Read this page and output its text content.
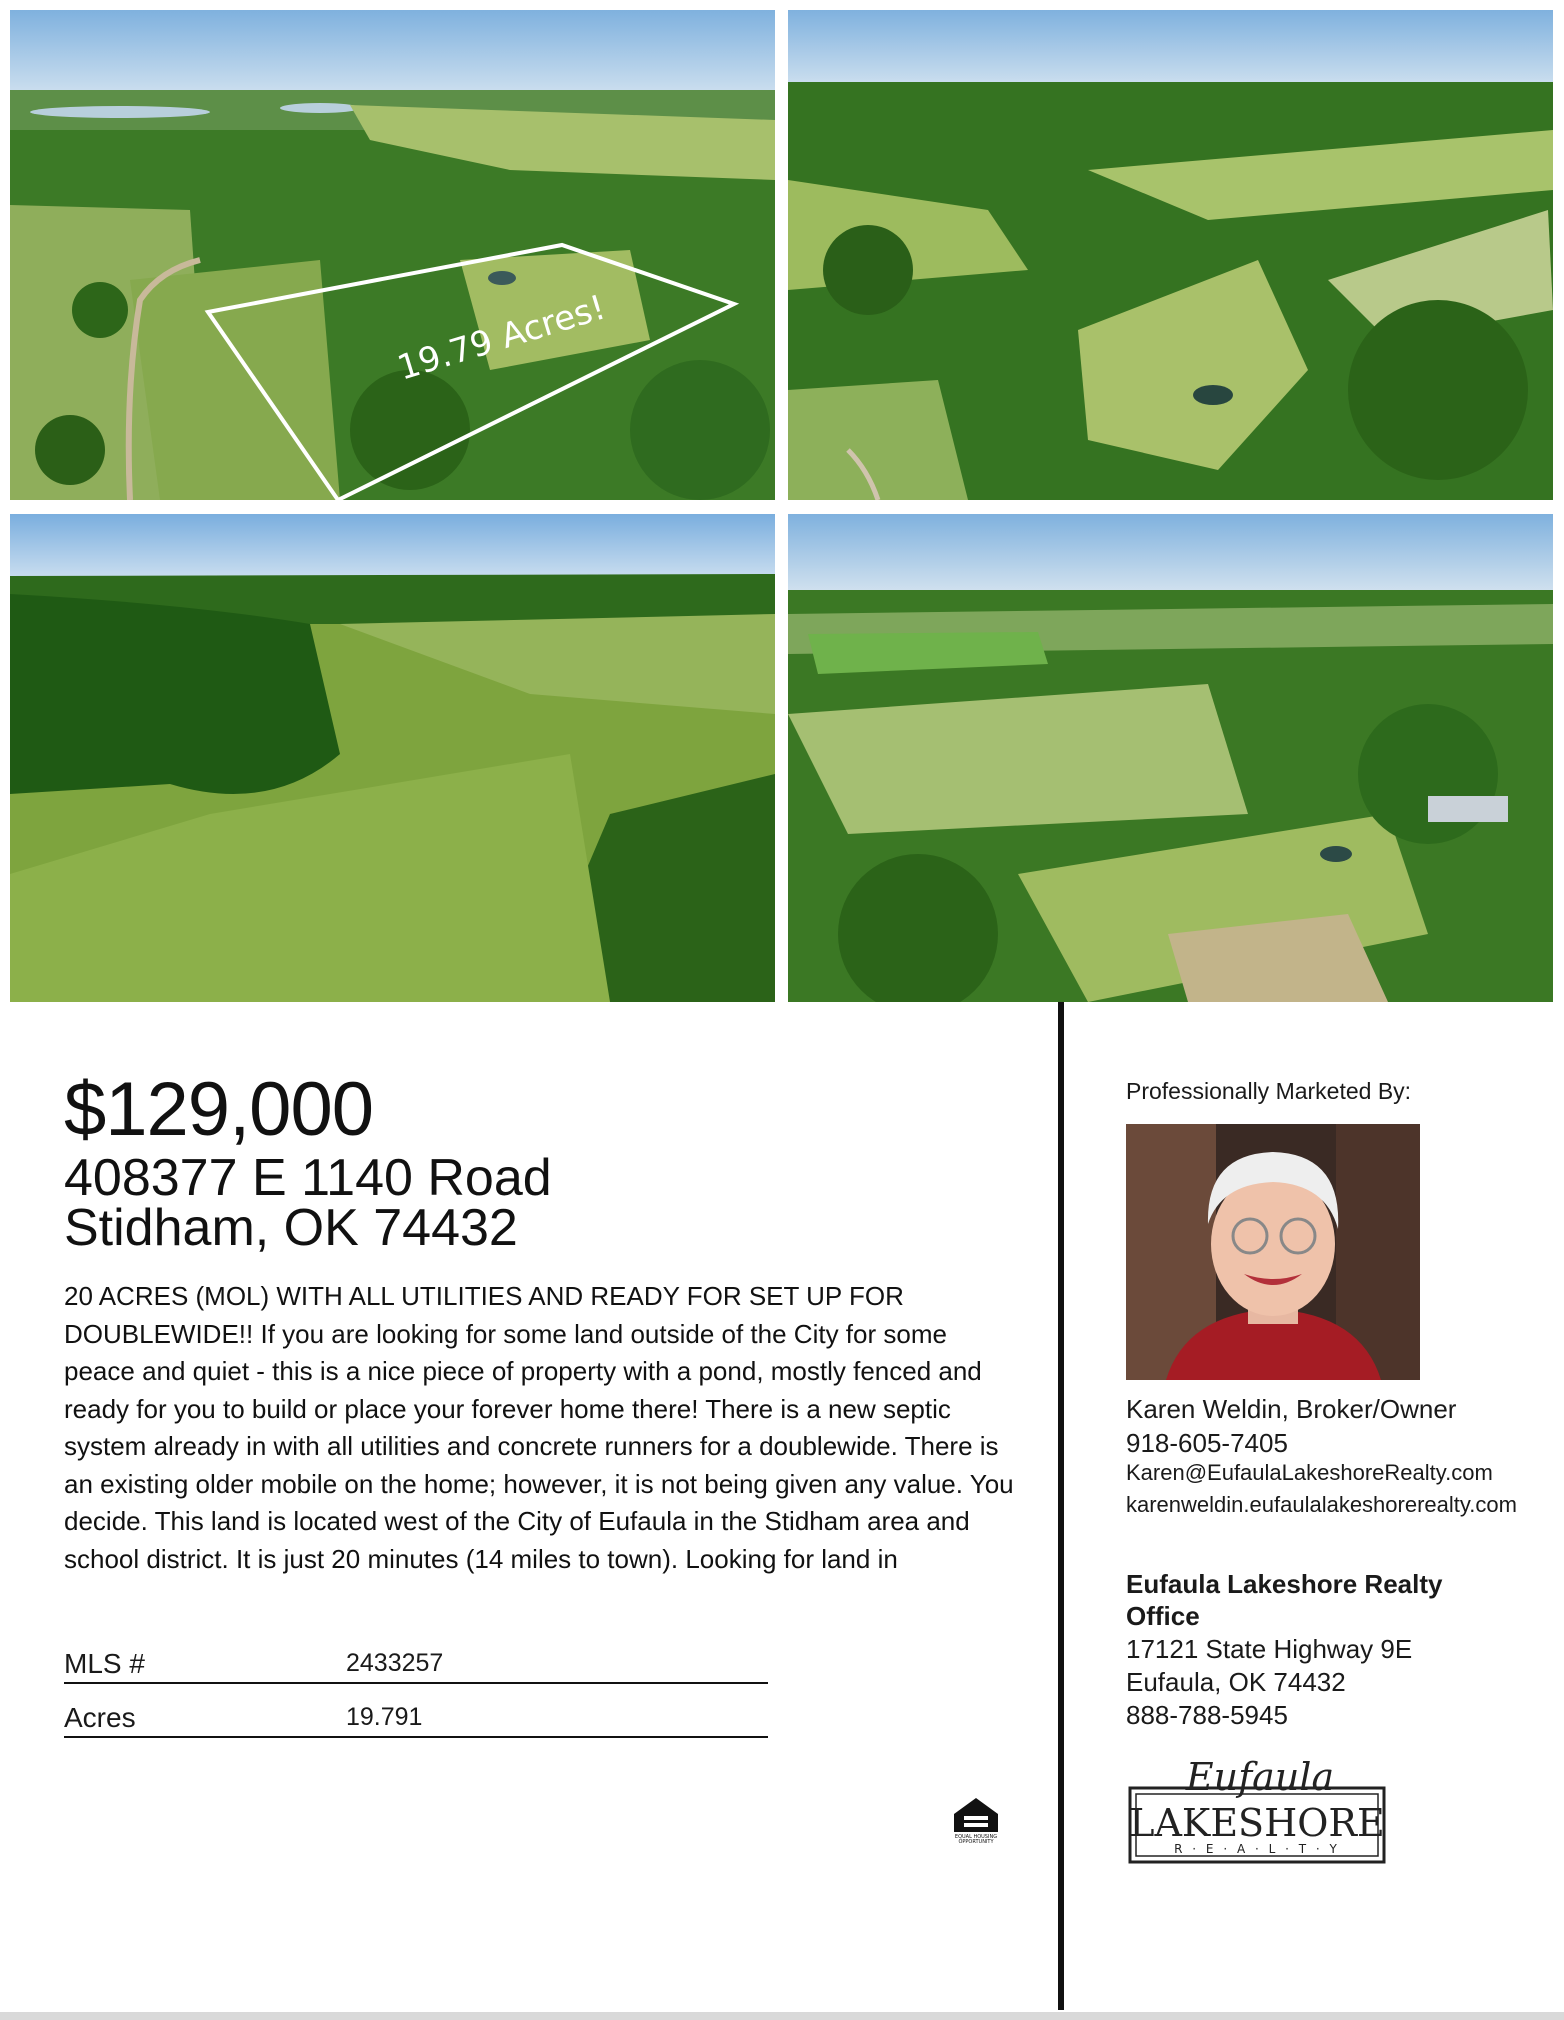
19.79 Acres!
$129,000
408377 E 1140 Road
Stidham, OK 74432
20 ACRES (MOL) WITH ALL UTILITIES AND READY FOR SET UP FOR DOUBLEWIDE!! If you are looking for some land outside of the City for some peace and quiet - this is a nice piece of property with a pond, mostly fenced and ready for you to build or place your forever home there! There is a new septic system already in with all utilities and concrete runners for a doublewide. There is an existing older mobile on the home; however, it is not being given any value. You decide. This land is located west of the City of Eufaula in the Stidham area and school district. It is just 20 minutes (14 miles to town). Looking for land in
MLS #	2433257
Acres	19.791
EQUAL HOUSING
OPPORTUNITY
Professionally Marketed By:
Karen Weldin, Broker/Owner
918-605-7405
Karen@EufaulaLakeshoreRealty.com
karenweldin.eufaulalakeshorerealty.com
Eufaula Lakeshore Realty Office
17121 State Highway 9E
Eufaula, OK 74432
888-788-5945
Eufaula
LAKESHORE
R · E · A · L · T · Y
